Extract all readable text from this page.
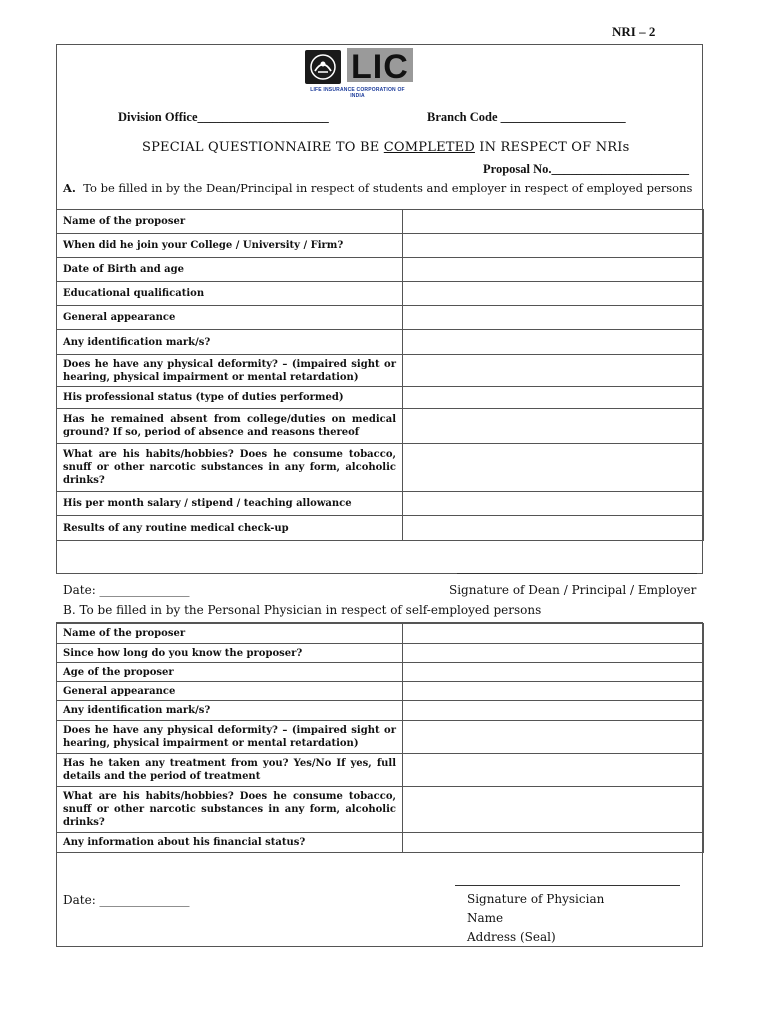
NRI – 2
LIC
LIFE INSURANCE CORPORATION OF INDIA
Division Office_____________________	Branch Code ____________________
SPECIAL QUESTIONNAIRE TO BE COMPLETED IN RESPECT OF NRIs
Proposal No.______________________
A. To be filled in by the Dean/Principal in respect of students and employer in respect of employed persons
Name of the proposer	
When did he join your College / University / Firm?	
Date of Birth and age	
Educational qualification	
General appearance	
Any identification mark/s?	
Does he have any physical deformity? – (impaired sight or hearing, physical impairment or mental retardation)	
His professional status (type of duties performed)	
Has he remained absent from college/duties on medical ground? If so, period of absence and reasons thereof	
What are his habits/hobbies? Does he consume tobacco, snuff or other narcotic substances in any form, alcoholic drinks?	
His per month salary / stipend / teaching allowance	
Results of any routine medical check-up	
Date: _______________	Signature of Dean / Principal / Employer
B. To be filled in by the Personal Physician in respect of self-employed persons
Name of the proposer	
Since how long do you know the proposer?	
Age of the proposer	
General appearance	
Any identification mark/s?	
Does he have any physical deformity? – (impaired sight or hearing, physical impairment or mental retardation)	
Has he taken any treatment from you? Yes/No If yes, full details and the period of treatment	
What are his habits/hobbies? Does he consume tobacco, snuff or other narcotic substances in any form, alcoholic drinks?	
Any information about his financial status?	
Date: _______________	Signature of Physician
Name
Address (Seal)
